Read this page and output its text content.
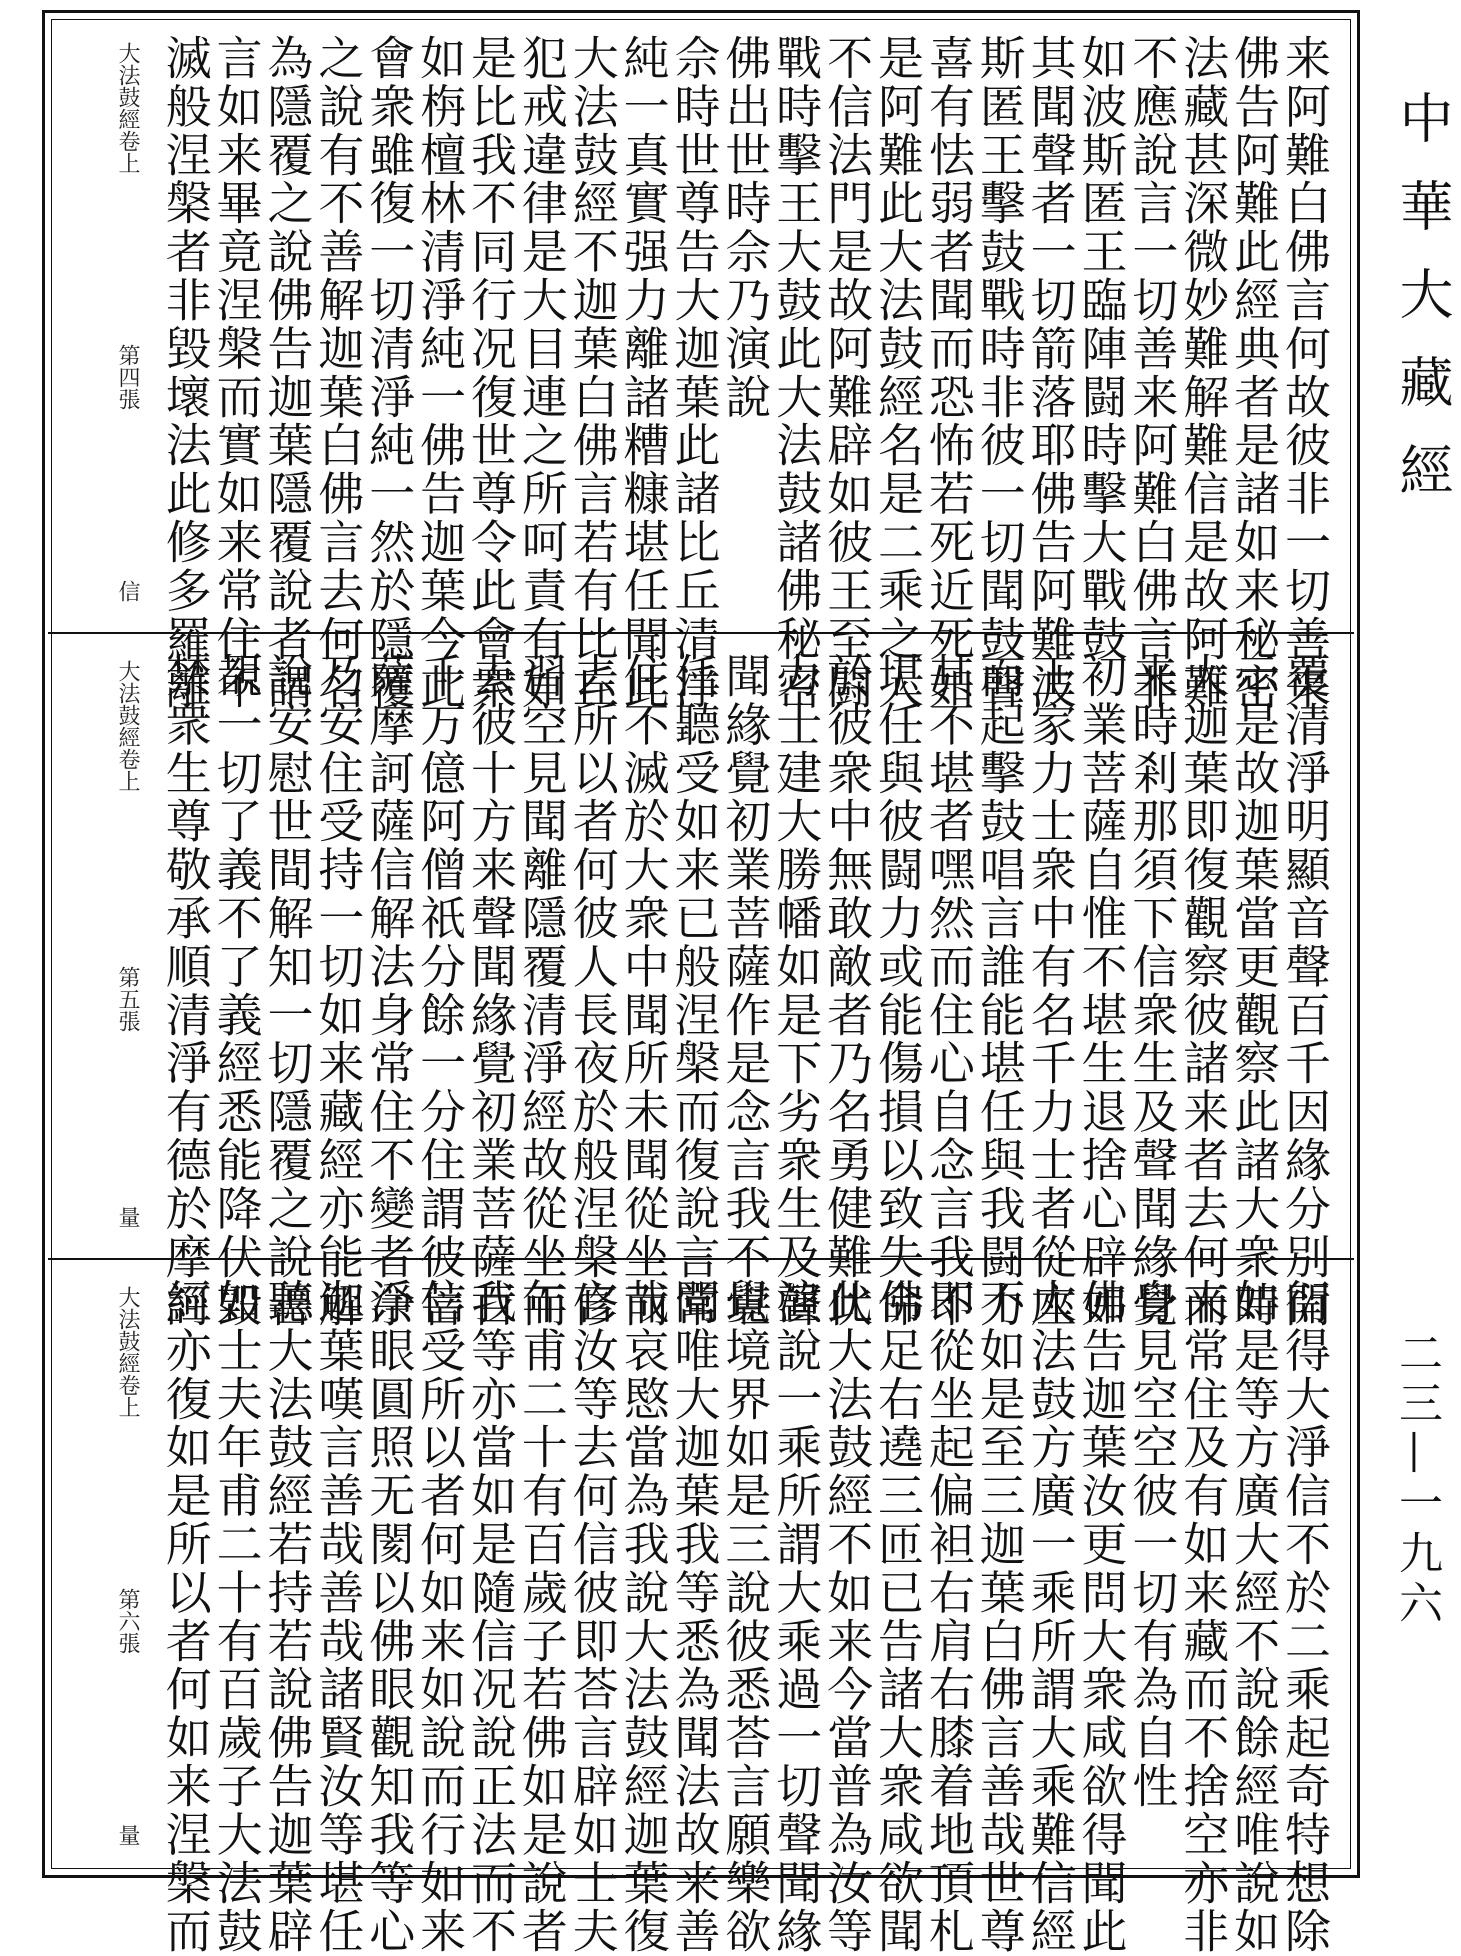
来阿難白佛言何故彼非一切善来
佛告阿難此經典者是諸如来秘密
法藏甚深微妙難解難信是故阿難
不應說言一切善来阿難白佛言非
如波斯匿王臨陣闘時擊大戰鼓
其聞聲者一切箭落耶佛告阿難波
斯匿王擊鼓戰時非彼一切聞鼓聲
喜有怯弱者聞而恐怖若死近死如
是阿難此大法鼓經名是二乘之人
不信法門是故阿難辟如彼王至闘
戰時擊王大鼓此大法鼓諸佛秘密
佛出世時佘乃演說
佘時世尊告大迦葉此諸比丘清淨
純一真實强力離諸糟糠堪任聞此
大法鼓經不迦葉白佛言若有比丘
犯戒違律是大目連之所呵責有如
是比我不同行况復世尊令此會衆
如栴檀林清淨純一佛告迦葉今此
會衆雖復一切清淨純一然於隱覆
之說有不善解迦葉白佛言去何名
為隱覆之說佛告迦葉隱覆說者謂
言如来畢竟涅槃而實如来常住不
滅般涅槃者非毀壞法此修多羅離
大法鼓經卷上
第四張
信
覆清淨明顯音聲百千因緣分別開
示是故迦葉當更觀察此諸大衆時
大迦葉即復觀察彼諸来者去何而
来時剎那須下信衆生及聲聞緣覺
初業菩薩自惟不堪生退捨心辟如
王家力士衆中有名千力士者從座
而起擊鼓唱言誰能堪任與我闘力
其不堪者嘿然而住心自念言我不
堪任與彼闘力或能傷損以致失命
於彼衆中無敢敵者乃名勇健難伏
力士建大勝幡如是下劣衆生及聲
聞緣覺初業菩薩作是念言我不堪
任聽受如来已般涅槃而復說言常
住不滅於大衆中聞所未聞從坐而
去所以者何彼人長夜於般涅槃修
習空見聞離隱覆清淨經故從坐而
去彼十方来聲聞緣覺初業菩薩百
千万億阿僧祇分餘一分住謂彼菩
薩摩訶薩信解法身常住不變者佘
乃安住受持一切如来藏經亦能解
說安慰世間解知一切隱覆之說善
覩一切了義不了義經悉能降伏毀
禁衆生尊敬承順清淨有德於摩訶
大法鼓經卷上
第五張
量
衍得大淨信不於二乘起奇特想除
如是等方廣大經不說餘經唯說如
来常住及有如来藏而不捨空亦非
身見空空彼一切有為自性
佛告迦葉汝更問大衆咸欲得聞此
大法鼓方廣一乘所謂大乘難信經
不如是至三迦葉白佛言善哉世尊
即從坐起偏袒右肩右膝着地頂札
佛足右遶三匝已告諸大衆咸欲聞
此大法鼓經不如来今當普為汝等
演說一乘所謂大乘過一切聲聞緣
覺境界如是三說彼悉荅言願樂欲
聞唯大迦葉我等悉為聞法故来善
哉哀愍當為我說大法鼓經迦葉復
言汝等去何信彼即荅言辟如士夫
年甫二十有百歲子若佛如是說者
我等亦當如是隨信况說正法而不
信受所以者何如来如說而行如来
淨眼圓照无閡以佛眼觀知我等心
迦葉嘆言善哉善哉諸賢汝等堪任
聽大法鼓經若持若說佛告迦葉辟
如士夫年甫二十有百歲子大法鼓
經亦復如是所以者何如来涅槃而
大法鼓經卷上
第六張
量
中華大藏經
二三—一九六
